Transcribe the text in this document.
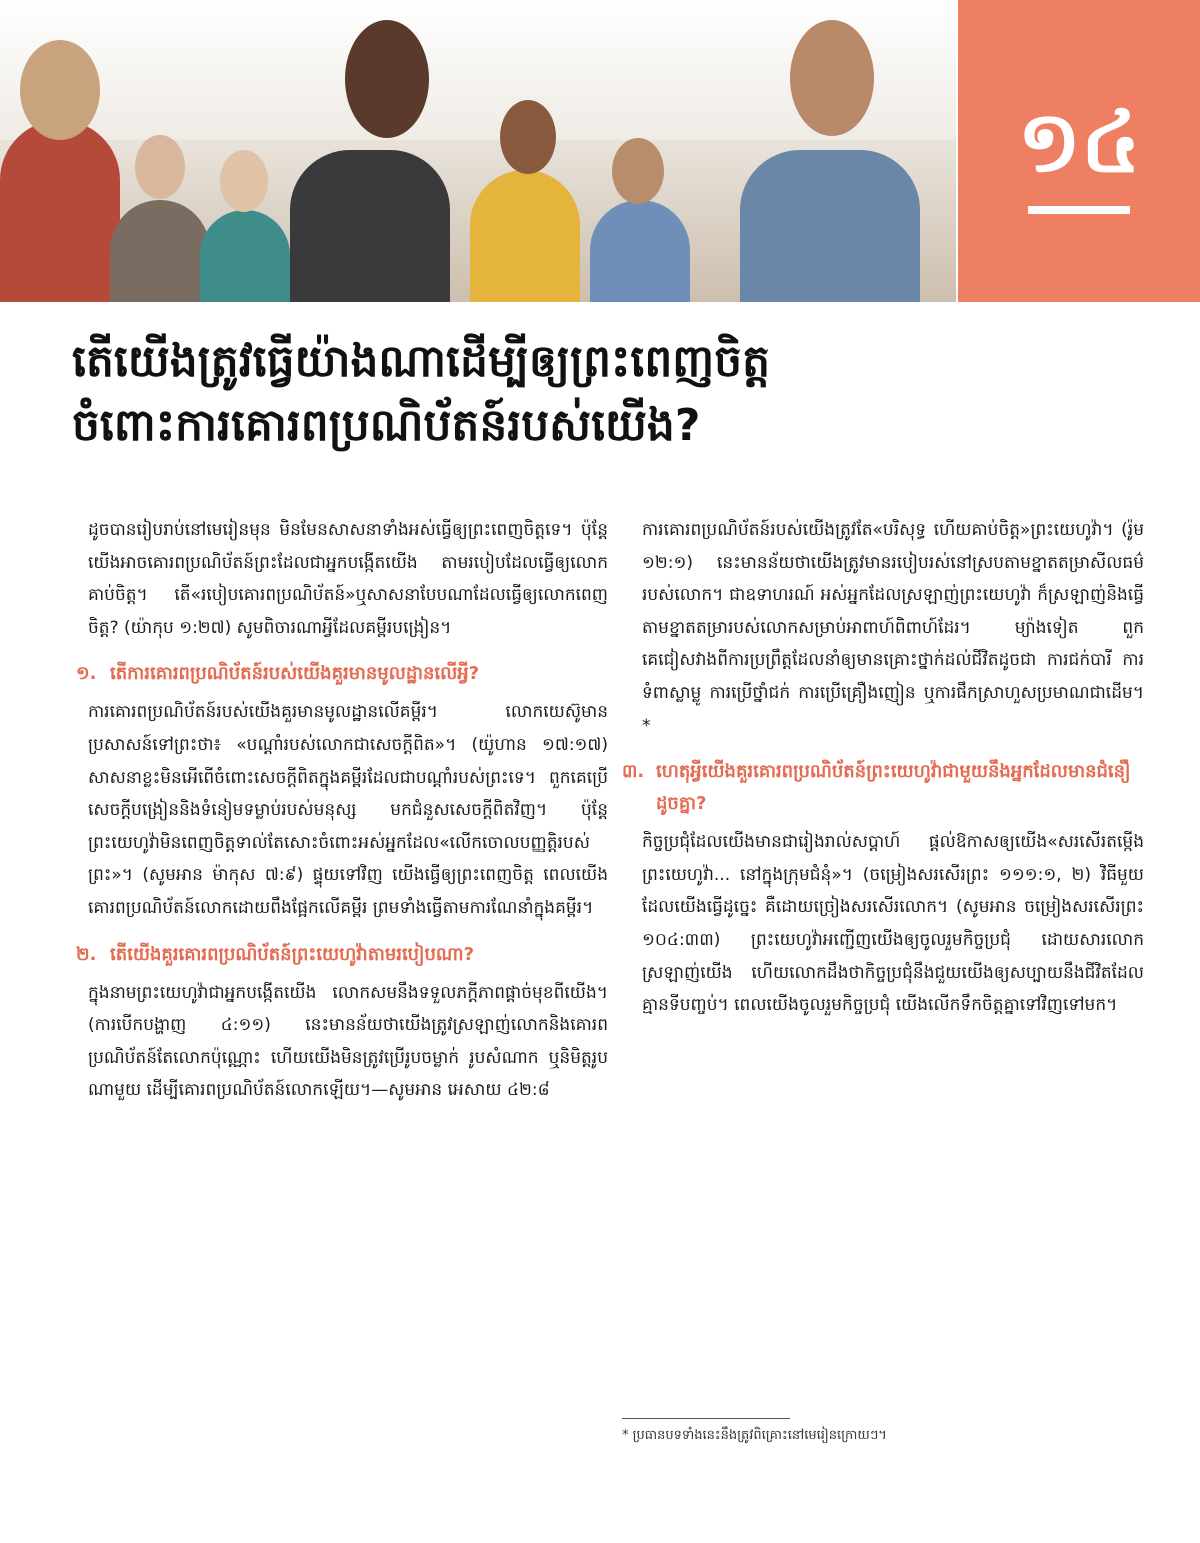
១៤
តើយើងត្រូវធ្វើយ៉ាងណាដើម្បីឲ្យព្រះពេញចិត្ត
ចំពោះការគោរពប្រណិប័តន៍របស់យើង?

ដូចបានរៀបរាប់នៅមេរៀនមុន មិនមែនសាសនាទាំងអស់ធ្វើឲ្យព្រះពេញចិត្តទេ។ ប៉ុន្តែ យើងអាចគោរពប្រណិប័តន៍ព្រះដែលជាអ្នកបង្កើតយើង តាមរបៀបដែលធ្វើឲ្យលោកគាប់ចិត្ត។ តើ«របៀបគោរពប្រណិប័តន៍»ឬសាសនាបែបណាដែលធ្វើឲ្យលោកពេញចិត្ត? (យ៉ាកុប ១:២៧) សូមពិចារណាអ្វីដែលគម្ពីរបង្រៀន។

១. តើការគោរពប្រណិប័តន៍របស់យើងគួរមានមូលដ្ឋានលើអ្វី?

ការគោរពប្រណិប័តន៍របស់យើងគួរមានមូលដ្ឋានលើគម្ពីរ។ លោកយេស៊ូមានប្រសាសន៍ទៅព្រះថា៖ «បណ្ដាំរបស់លោកជាសេចក្ដីពិត»។ (យ៉ូហាន ១៧:១៧) សាសនាខ្លះមិនអើពើចំពោះសេចក្ដីពិតក្នុងគម្ពីរដែលជាបណ្ដាំរបស់ព្រះទេ។ ពួកគេប្រើសេចក្ដីបង្រៀននិងទំនៀមទម្លាប់របស់មនុស្ស មកជំនួសសេចក្ដីពិតវិញ។ ប៉ុន្តែ ព្រះយេហូវ៉ាមិនពេញចិត្តទាល់តែសោះចំពោះអស់អ្នកដែល«លើកចោលបញ្ញត្តិរបស់ព្រះ»។ (សូមអាន ម៉ាកុស ៧:៩) ផ្ទុយទៅវិញ យើងធ្វើឲ្យព្រះពេញចិត្ត ពេលយើងគោរពប្រណិប័តន៍លោកដោយពឹងផ្អែកលើគម្ពីរ ព្រមទាំងធ្វើតាមការណែនាំក្នុងគម្ពីរ។

២. តើយើងគួរគោរពប្រណិប័តន៍ព្រះយេហូវ៉ាតាមរបៀបណា?

ក្នុងនាមព្រះយេហូវ៉ាជាអ្នកបង្កើតយើង លោកសមនឹងទទួលភក្ដីភាពផ្ដាច់មុខពីយើង។ (ការបើកបង្ហាញ ៤:១១) នេះមានន័យថាយើងត្រូវស្រឡាញ់លោកនិងគោរពប្រណិប័តន៍តែលោកប៉ុណ្ណោះ ហើយយើងមិនត្រូវប្រើរូបចម្លាក់ រូបសំណាក ឬនិមិត្តរូបណាមួយ ដើម្បីគោរពប្រណិប័តន៍លោកឡើយ។—សូមអាន អេសាយ ៤២:៨

ការគោរពប្រណិប័តន៍របស់យើងត្រូវតែ«បរិសុទ្ធ ហើយគាប់ចិត្ត»ព្រះយេហូវ៉ា។ (រ៉ូម ១២:១) នេះមានន័យថាយើងត្រូវមានរបៀបរស់នៅស្របតាមខ្នាតតម្រាសីលធម៌របស់លោក។ ជាឧទាហរណ៍ អស់អ្នកដែលស្រឡាញ់ព្រះយេហូវ៉ា ក៏ស្រឡាញ់និងធ្វើតាមខ្នាតតម្រារបស់លោកសម្រាប់អាពាហ៍ពិពាហ៍ដែរ។ ម្យ៉ាងទៀត ពួកគេជៀសវាងពីការប្រព្រឹត្តដែលនាំឲ្យមានគ្រោះថ្នាក់ដល់ជីវិតដូចជា ការជក់បារី ការទំពាស្លាម្លូ ការប្រើថ្នាំជក់ ការប្រើគ្រឿងញៀន ឬការផឹកស្រាហួសប្រមាណជាដើម។*

៣. ហេតុអ្វីយើងគួរគោរពប្រណិប័តន៍ព្រះយេហូវ៉ាជាមួយនឹងអ្នកដែលមានជំនឿដូចគ្នា?

កិច្ចប្រជុំដែលយើងមានជារៀងរាល់សប្ដាហ៍ ផ្ដល់ឱកាសឲ្យយើង«សរសើរតម្កើងព្រះយេហូវ៉ា... នៅក្នុងក្រុមជំនុំ»។ (ចម្រៀងសរសើរព្រះ ១១១:១, ២) វិធីមួយដែលយើងធ្វើដូច្នេះ គឺដោយច្រៀងសរសើរលោក។ (សូមអាន ចម្រៀងសរសើរព្រះ ១០៤:៣៣) ព្រះយេហូវ៉ាអញ្ជើញយើងឲ្យចូលរួមកិច្ចប្រជុំ ដោយសារលោកស្រឡាញ់យើង ហើយលោកដឹងថាកិច្ចប្រជុំនឹងជួយយើងឲ្យសប្បាយនឹងជីវិតដែលគ្មានទីបញ្ចប់។ ពេលយើងចូលរួមកិច្ចប្រជុំ យើងលើកទឹកចិត្តគ្នាទៅវិញទៅមក។

* ប្រធានបទទាំងនេះនឹងត្រូវពិគ្រោះនៅមេរៀនក្រោយៗ។
